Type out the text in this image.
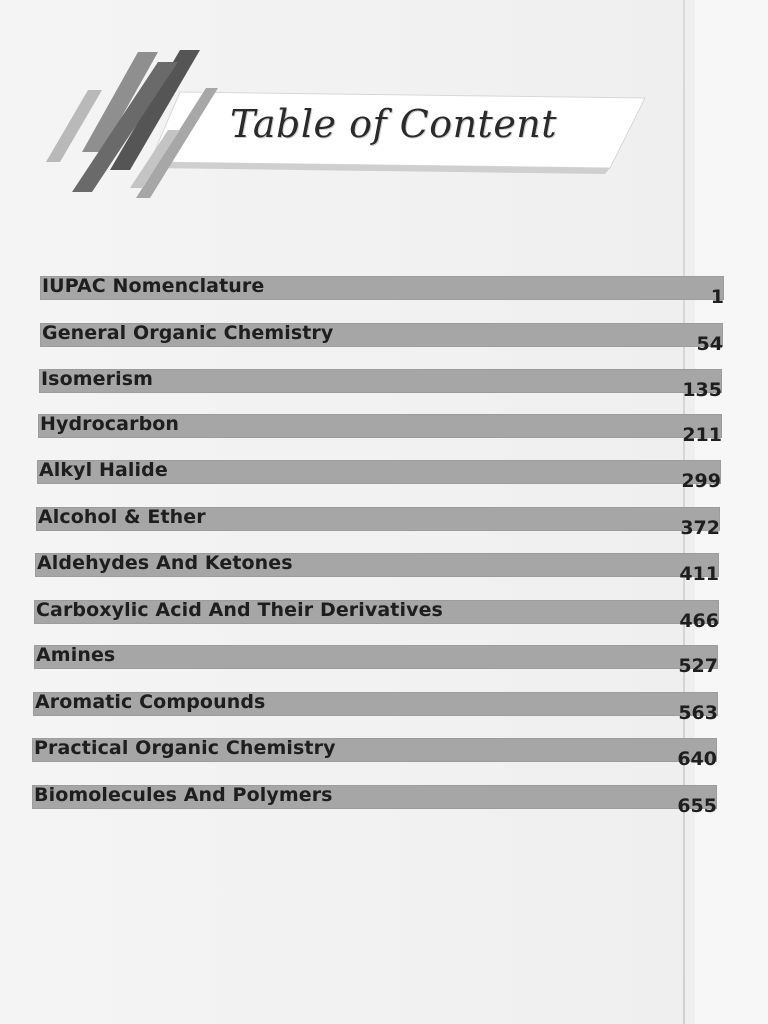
Table of Content
IUPAC Nomenclature	1
General Organic Chemistry	54
Isomerism	135
Hydrocarbon	211
Alkyl Halide	299
Alcohol & Ether	372
Aldehydes And Ketones	411
Carboxylic Acid And Their Derivatives	466
Amines	527
Aromatic Compounds	563
Practical Organic Chemistry	640
Biomolecules And Polymers	655
